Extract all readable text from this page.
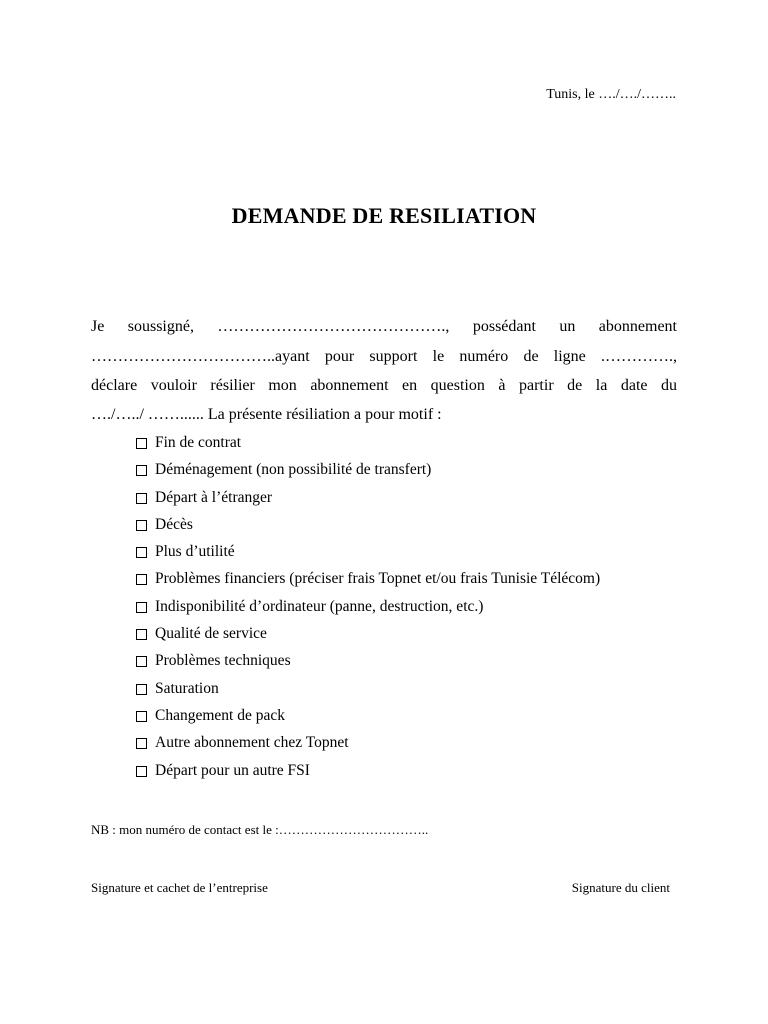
Tunis, le …./…./……..
DEMANDE DE RESILIATION
Je soussigné, ……………………………………., possédant un abonnement
……………………………..ayant pour support le numéro de ligne .………….,
déclare vouloir résilier mon abonnement en question à partir de la date du
…./…../ ……...... La présente résiliation a pour motif :
Fin de contrat
Déménagement (non possibilité de transfert)
Départ à l’étranger
Décès
Plus d’utilité
Problèmes financiers (préciser frais Topnet et/ou frais Tunisie Télécom)
Indisponibilité d’ordinateur (panne, destruction, etc.)
Qualité de service
Problèmes techniques
Saturation
Changement de pack
Autre abonnement chez Topnet
Départ pour un autre FSI
NB : mon numéro de contact est le :……………………………..
Signature et cachet de l’entreprise	Signature du client
